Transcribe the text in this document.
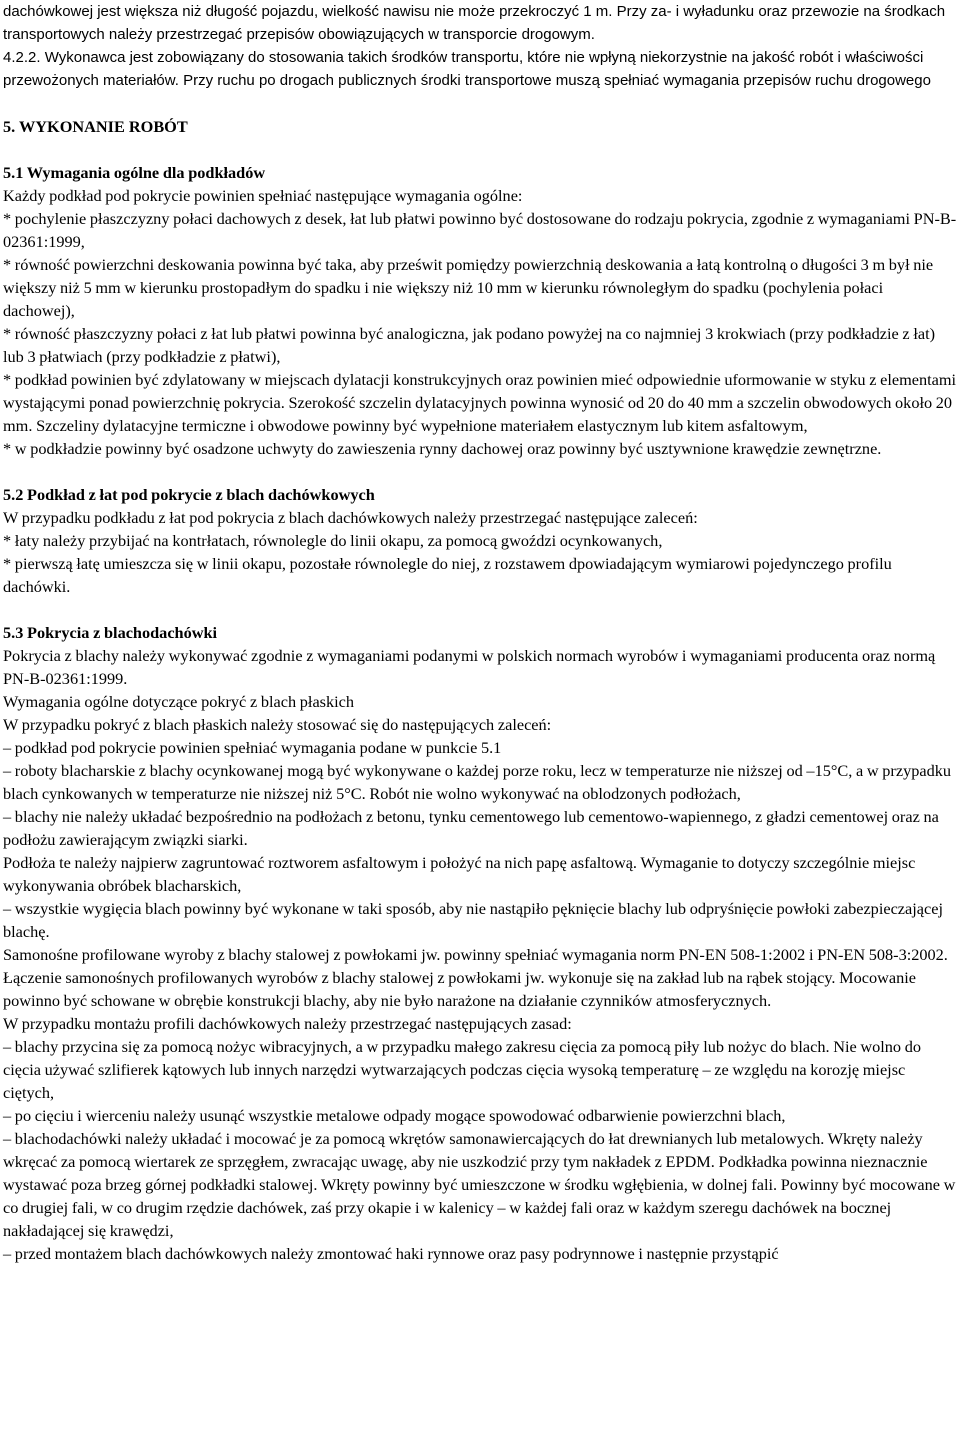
dachówkowej jest większa niż długość pojazdu, wielkość nawisu nie może przekroczyć 1 m. Przy za- i wyładunku oraz przewozie na środkach transportowych należy przestrzegać przepisów obowiązujących w transporcie drogowym.

4.2.2. Wykonawca jest zobowiązany do stosowania takich środków transportu, które nie wpłyną niekorzystnie na jakość robót i właściwości przewożonych materiałów. Przy ruchu po drogach publicznych środki transportowe muszą spełniać wymagania przepisów ruchu drogowego

5. WYKONANIE ROBÓT

5.1 Wymagania ogólne dla podkładów

Każdy podkład pod pokrycie powinien spełniać następujące wymagania ogólne:

* pochylenie płaszczyzny połaci dachowych z desek, łat lub płatwi powinno być dostosowane do rodzaju pokrycia, zgodnie z wymaganiami PN-B-02361:1999,

* równość powierzchni deskowania powinna być taka, aby prześwit pomiędzy powierzchnią deskowania a łatą kontrolną o długości 3 m był nie większy niż 5 mm w kierunku prostopadłym do spadku i nie większy niż 10 mm w kierunku równoległym do spadku (pochylenia połaci dachowej),

* równość płaszczyzny połaci z łat lub płatwi powinna być analogiczna, jak podano powyżej na co najmniej 3 krokwiach (przy podkładzie z łat) lub 3 płatwiach (przy podkładzie z płatwi),

* podkład powinien być zdylatowany w miejscach dylatacji konstrukcyjnych oraz powinien mieć odpowiednie uformowanie w styku z elementami wystającymi ponad powierzchnię pokrycia. Szerokość szczelin dylatacyjnych powinna wynosić od 20 do 40 mm a szczelin obwodowych około 20 mm. Szczeliny dylatacyjne termiczne i obwodowe powinny być wypełnione materiałem elastycznym lub kitem asfaltowym,

* w podkładzie powinny być osadzone uchwyty do zawieszenia rynny dachowej oraz powinny być usztywnione krawędzie zewnętrzne.

5.2 Podkład z łat pod pokrycie z blach dachówkowych

W przypadku podkładu z łat pod pokrycia z blach dachówkowych należy przestrzegać następujące zaleceń:

* łaty należy przybijać na kontrłatach, równolegle do linii okapu, za pomocą gwoździ ocynkowanych,

* pierwszą łatę umieszcza się w linii okapu, pozostałe równolegle do niej, z rozstawem dpowiadającym wymiarowi pojedynczego profilu dachówki.

5.3 Pokrycia z blachodachówki

Pokrycia z blachy należy wykonywać zgodnie z wymaganiami podanymi w polskich normach wyrobów i wymaganiami producenta oraz normą PN-B-02361:1999.

Wymagania ogólne dotyczące pokryć z blach płaskich

W przypadku pokryć z blach płaskich należy stosować się do następujących zaleceń:

– podkład pod pokrycie powinien spełniać wymagania podane w punkcie 5.1

– roboty blacharskie z blachy ocynkowanej mogą być wykonywane o każdej porze roku, lecz w temperaturze nie niższej od –15°C, a w przypadku blach cynkowanych w temperaturze nie niższej niż 5°C. Robót nie wolno wykonywać na oblodzonych podłożach,

– blachy nie należy układać bezpośrednio na podłożach z betonu, tynku cementowego lub cementowo-wapiennego, z gładzi cementowej oraz na podłożu zawierającym związki siarki.

Podłoża te należy najpierw zagruntować roztworem asfaltowym i położyć na nich papę asfaltową. Wymaganie to dotyczy szczególnie miejsc wykonywania obróbek blacharskich,

– wszystkie wygięcia blach powinny być wykonane w taki sposób, aby nie nastąpiło pęknięcie blachy lub odpryśnięcie powłoki zabezpieczającej blachę.

Samonośne profilowane wyroby z blachy stalowej z powłokami jw. powinny spełniać wymagania norm PN-EN 508-1:2002 i PN-EN 508-3:2002.

Łączenie samonośnych profilowanych wyrobów z blachy stalowej z powłokami jw. wykonuje się na zakład lub na rąbek stojący. Mocowanie powinno być schowane w obrębie konstrukcji blachy, aby nie było narażone na działanie czynników atmosferycznych.

W przypadku montażu profili dachówkowych należy przestrzegać następujących zasad:

– blachy przycina się za pomocą nożyc wibracyjnych, a w przypadku małego zakresu cięcia za pomocą piły lub nożyc do blach. Nie wolno do cięcia używać szlifierek kątowych lub innych narzędzi wytwarzających podczas cięcia wysoką temperaturę – ze względu na korozję miejsc ciętych,

– po cięciu i wierceniu należy usunąć wszystkie metalowe odpady mogące spowodować odbarwienie powierzchni blach,

– blachodachówki należy układać i mocować je za pomocą wkrętów samonawiercających do łat drewnianych lub metalowych. Wkręty należy wkręcać za pomocą wiertarek ze sprzęgłem, zwracając uwagę, aby nie uszkodzić przy tym nakładek z EPDM. Podkładka powinna nieznacznie wystawać poza brzeg górnej podkładki stalowej. Wkręty powinny być umieszczone w środku wgłębienia, w dolnej fali. Powinny być mocowane w co drugiej fali, w co drugim rzędzie dachówek, zaś przy okapie i w kalenicy – w każdej fali oraz w każdym szeregu dachówek na bocznej nakładającej się krawędzi,

– przed montażem blach dachówkowych należy zmontować haki rynnowe oraz pasy podrynnowe i następnie przystąpić
